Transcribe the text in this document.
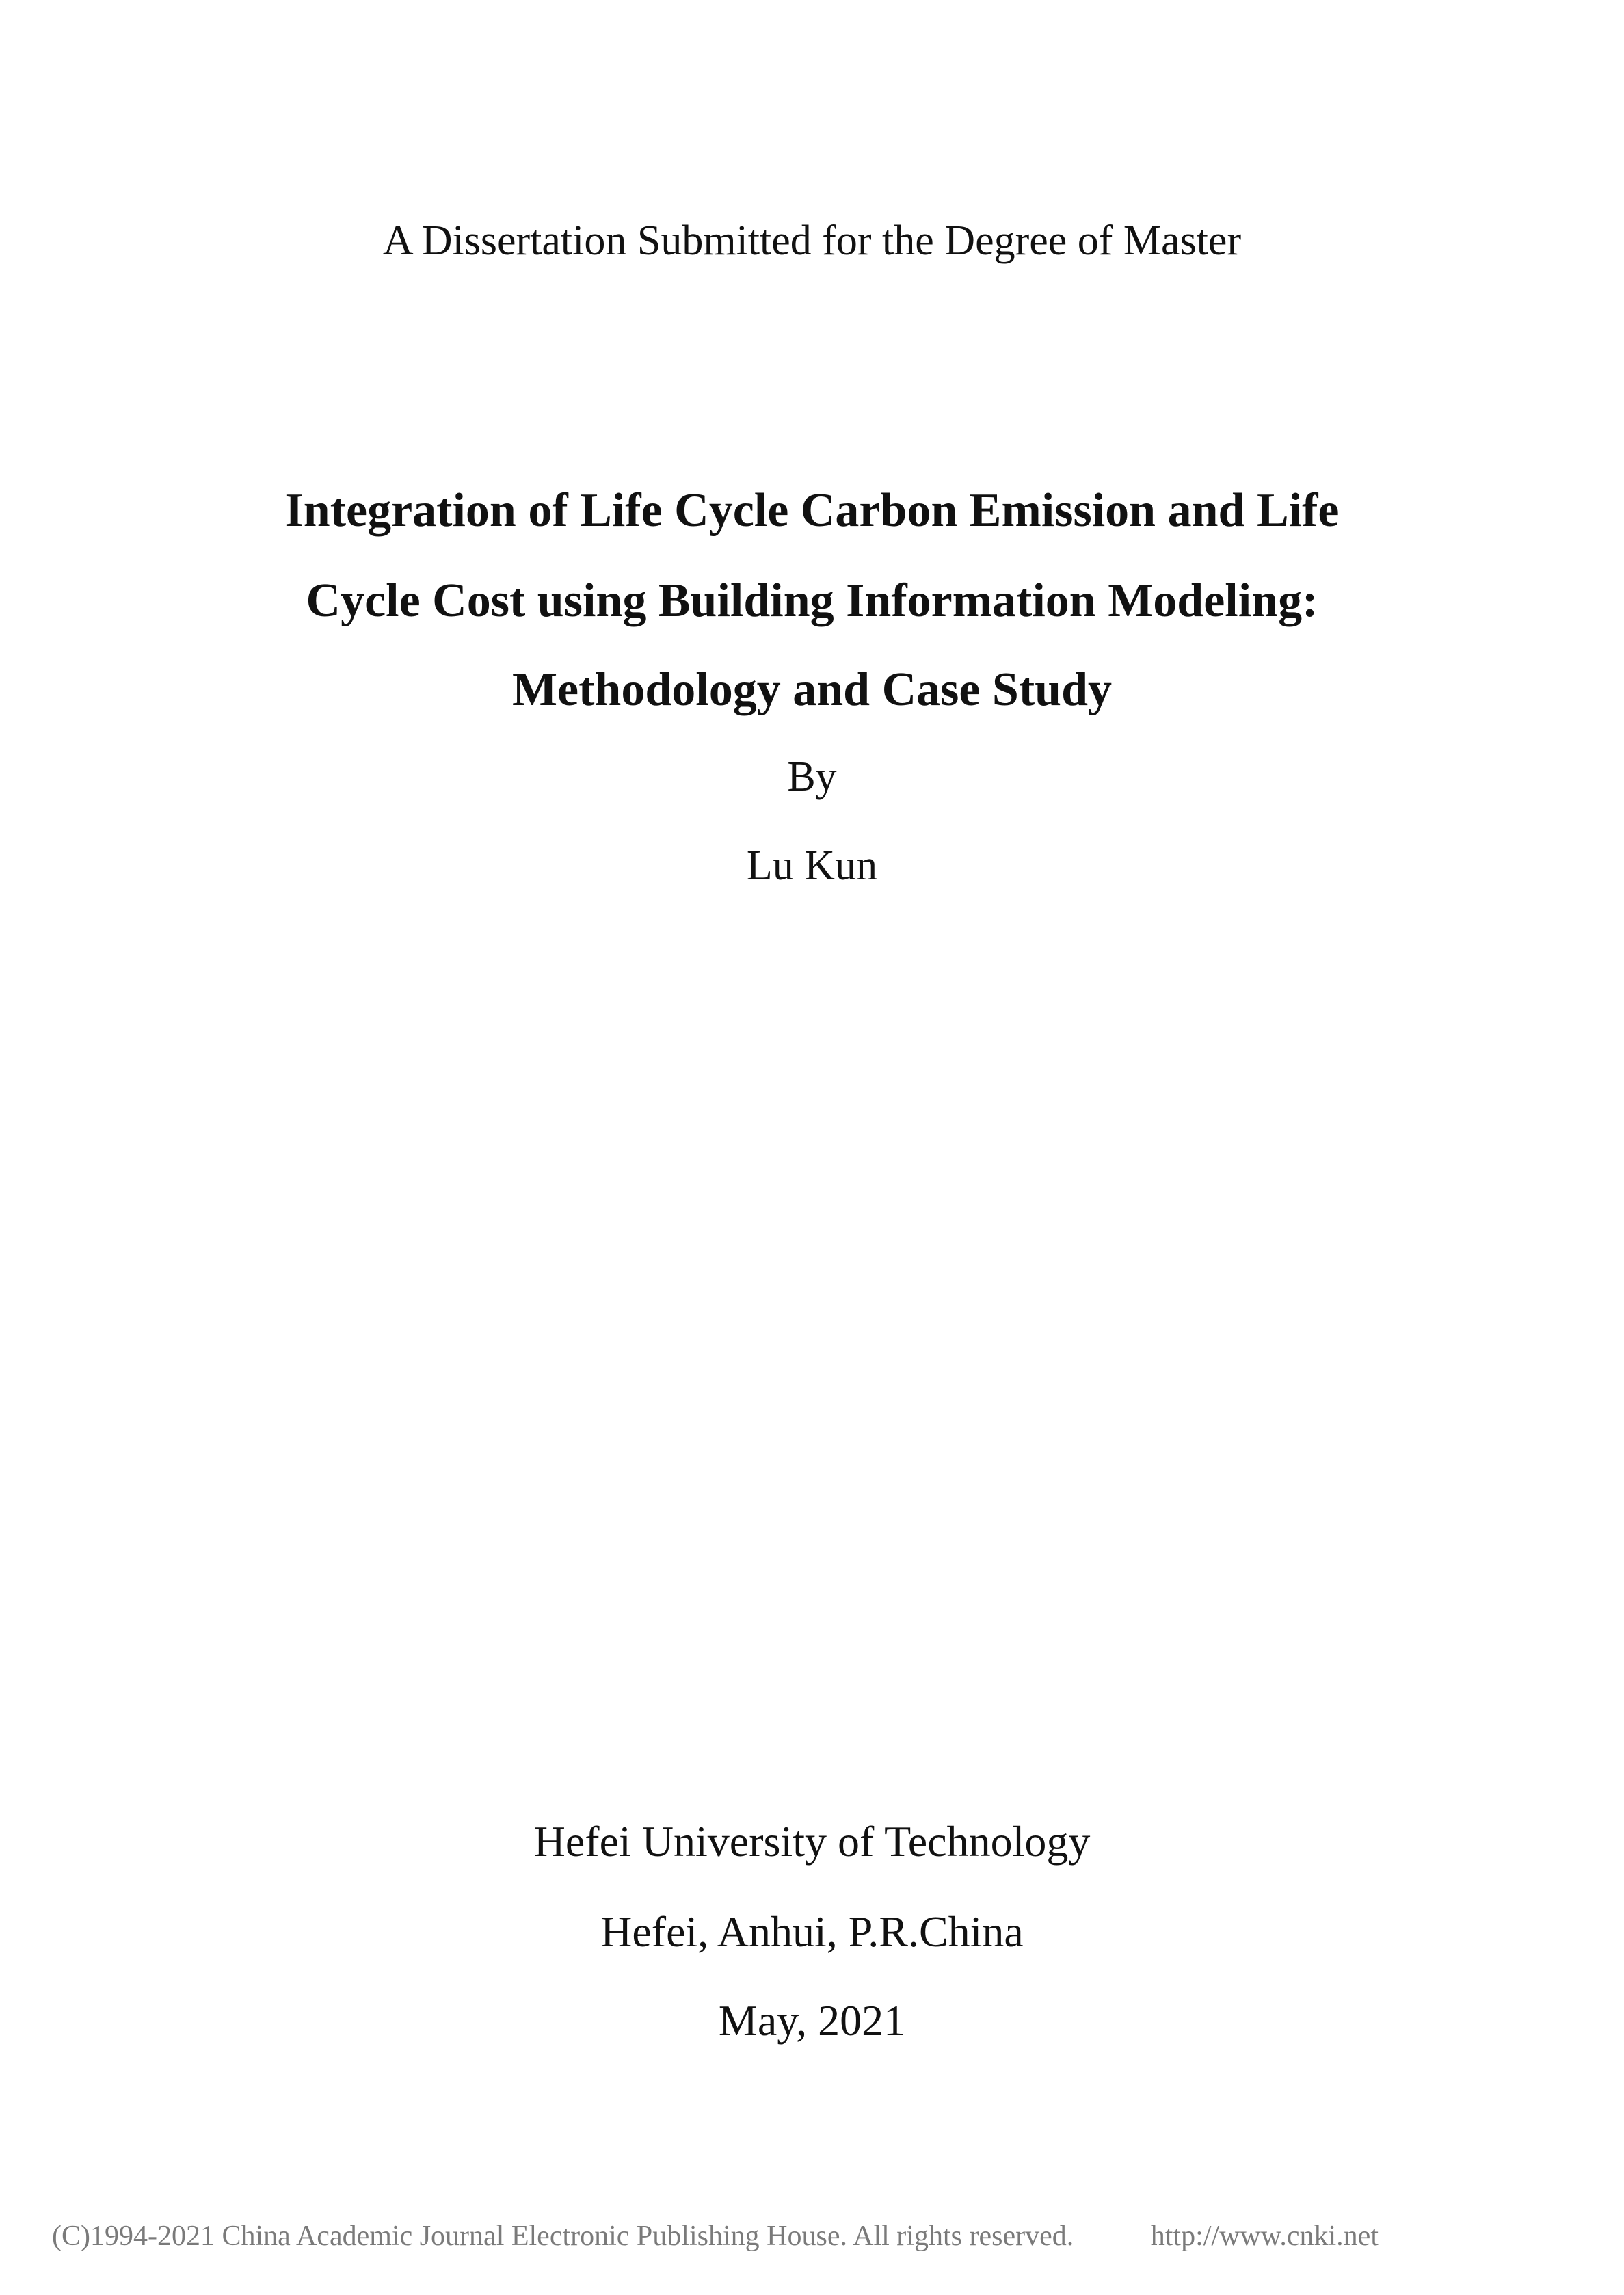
A Dissertation Submitted for the Degree of Master
Integration of Life Cycle Carbon Emission and Life
Cycle Cost using Building Information Modeling:
Methodology and Case Study
By
Lu Kun
Hefei University of Technology
Hefei, Anhui, P.R.China
May, 2021
(C)1994-2021 China Academic Journal Electronic Publishing House. All rights reserved.	http://www.cnki.net
